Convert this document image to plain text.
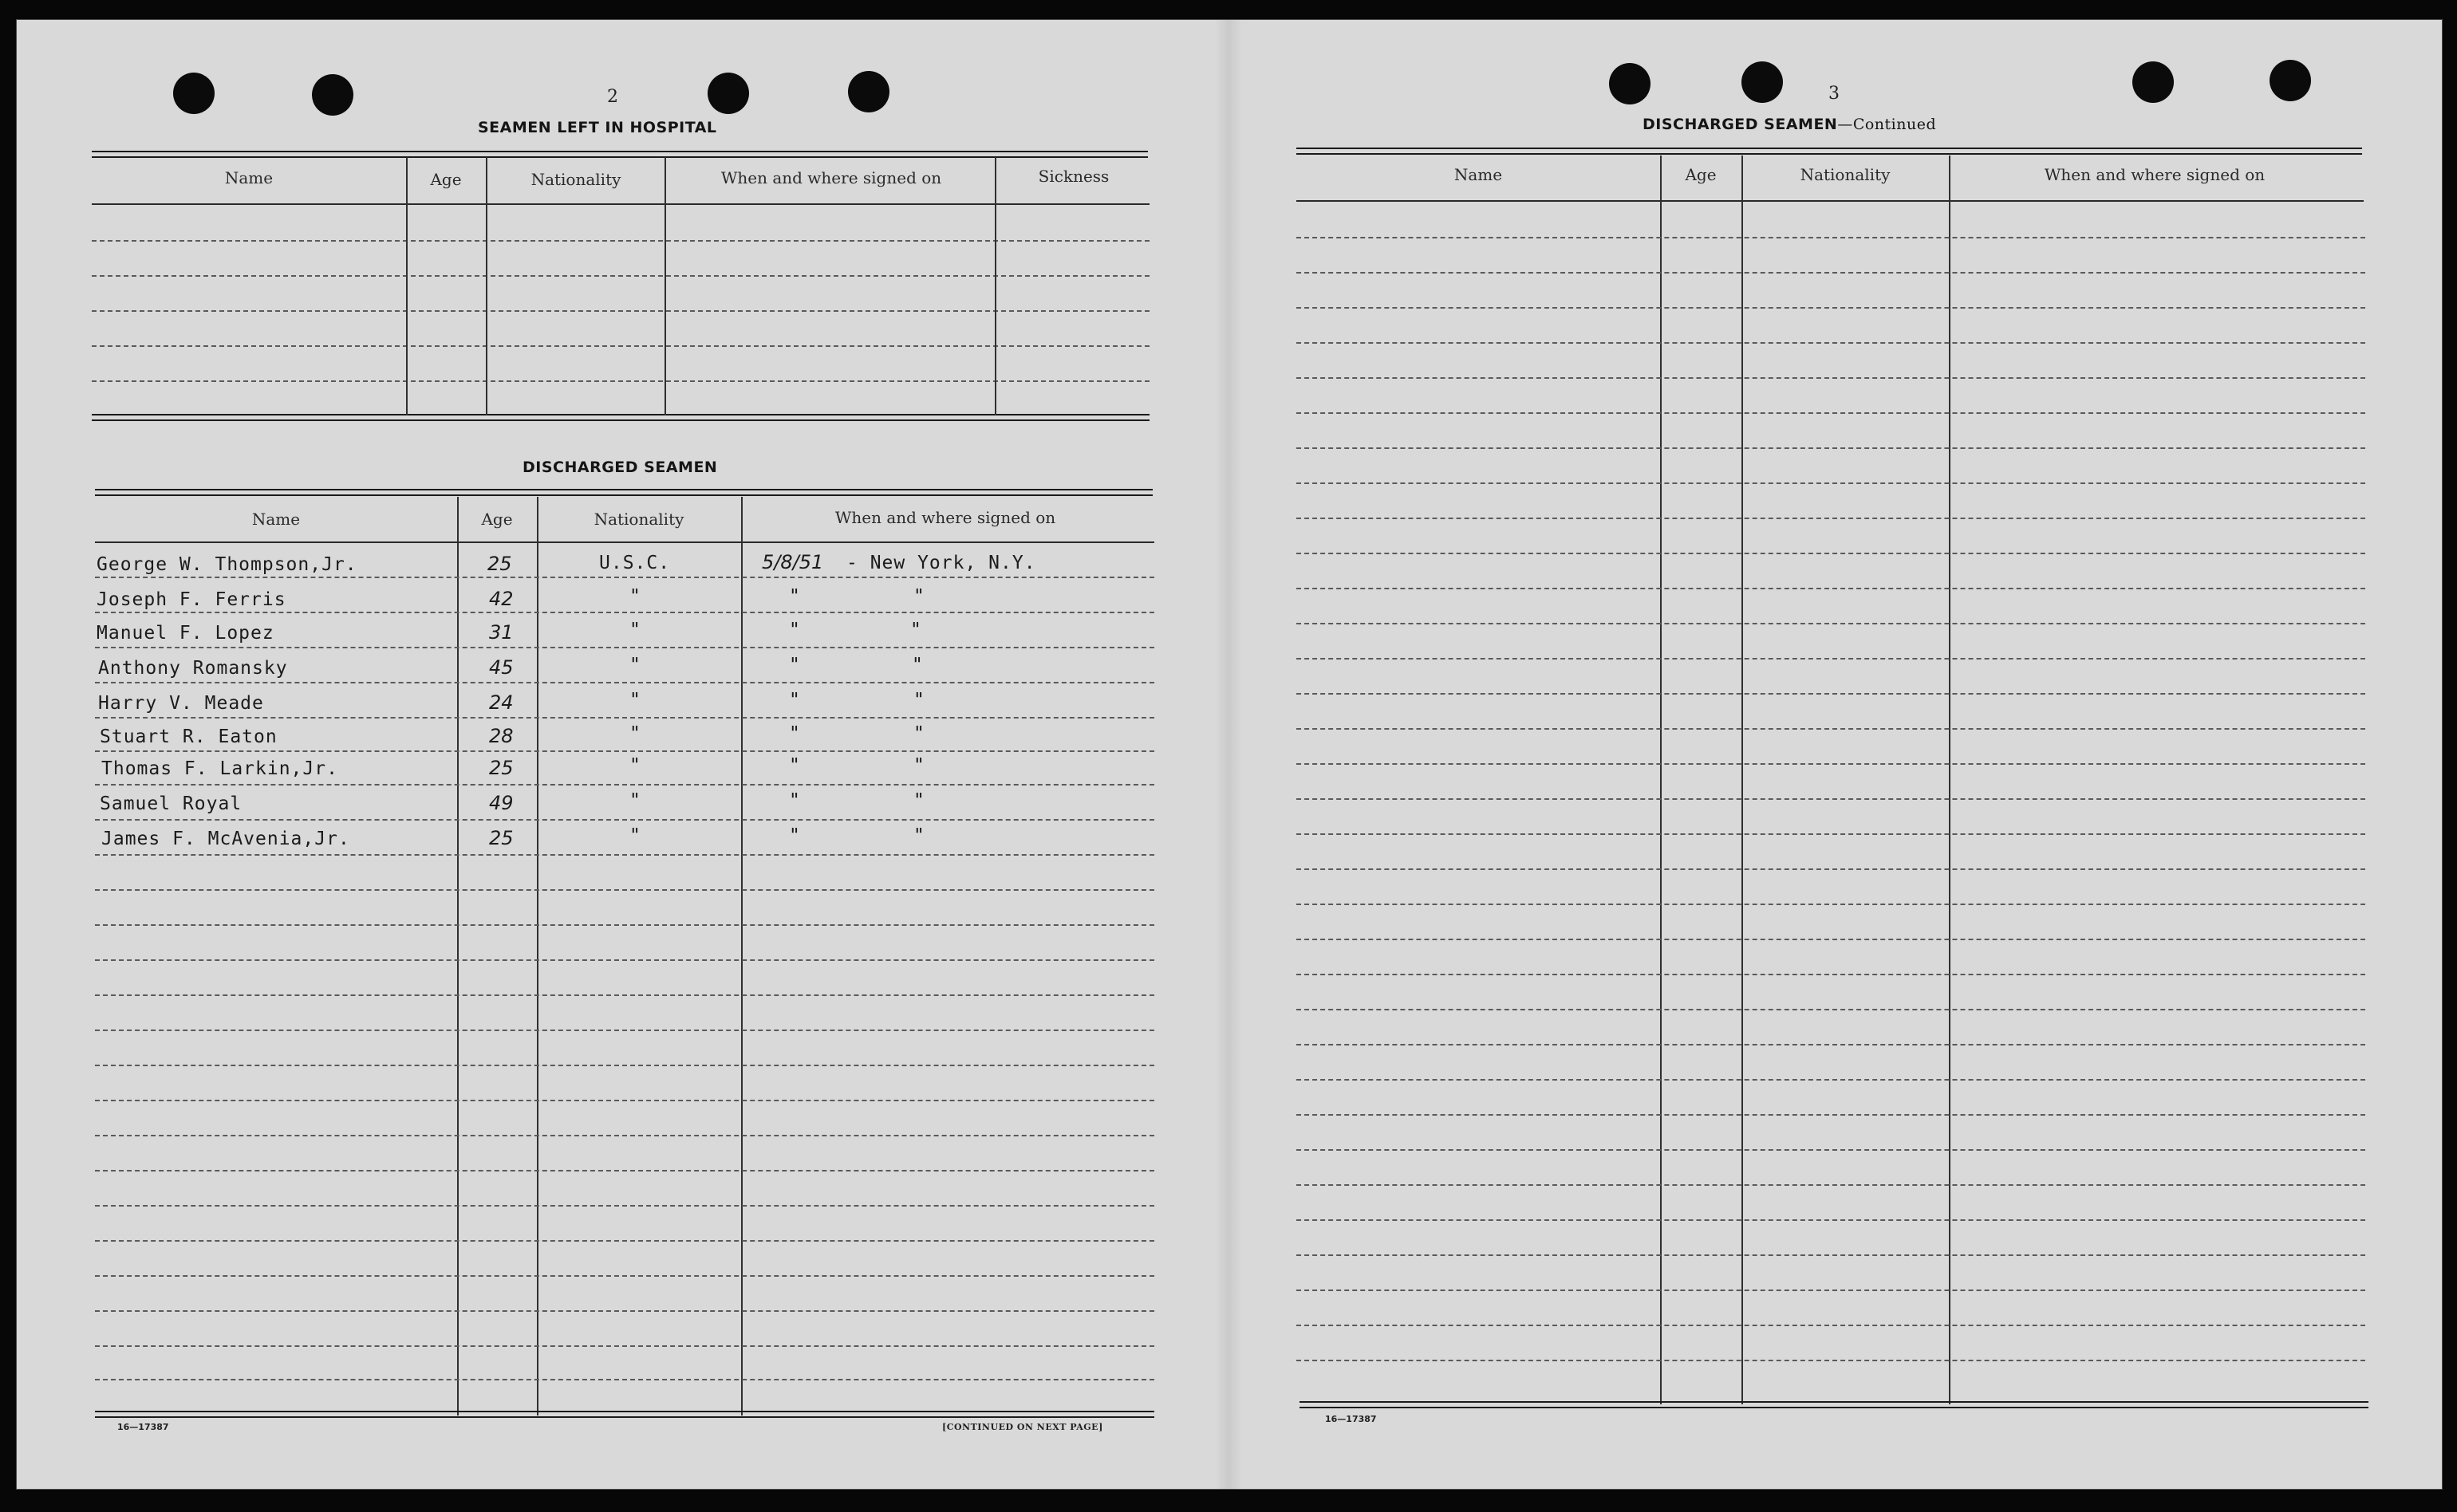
2
SEAMEN LEFT IN HOSPITAL
Name	Age	Nationality	When and where signed on	Sickness
DISCHARGED SEAMEN
Name	Age	Nationality	When and where signed on
George W. Thompson,Jr.	25	U.S.C.	5/8/51 - New York, N.Y.
Joseph F. Ferris	42	"	"	"
Manuel F. Lopez	31	"	"	"
Anthony Romansky	45	"	"	"
Harry V. Meade	24	"	"	"
Stuart R. Eaton	28	"	"	"
Thomas F. Larkin,Jr.	25	"	"	"
Samuel Royal	49	"	"	"
James F. McAvenia,Jr.	25	"	"	"
16—17387	[CONTINUED ON NEXT PAGE]
3
DISCHARGED SEAMEN—Continued
Name	Age	Nationality	When and where signed on
16—17387
